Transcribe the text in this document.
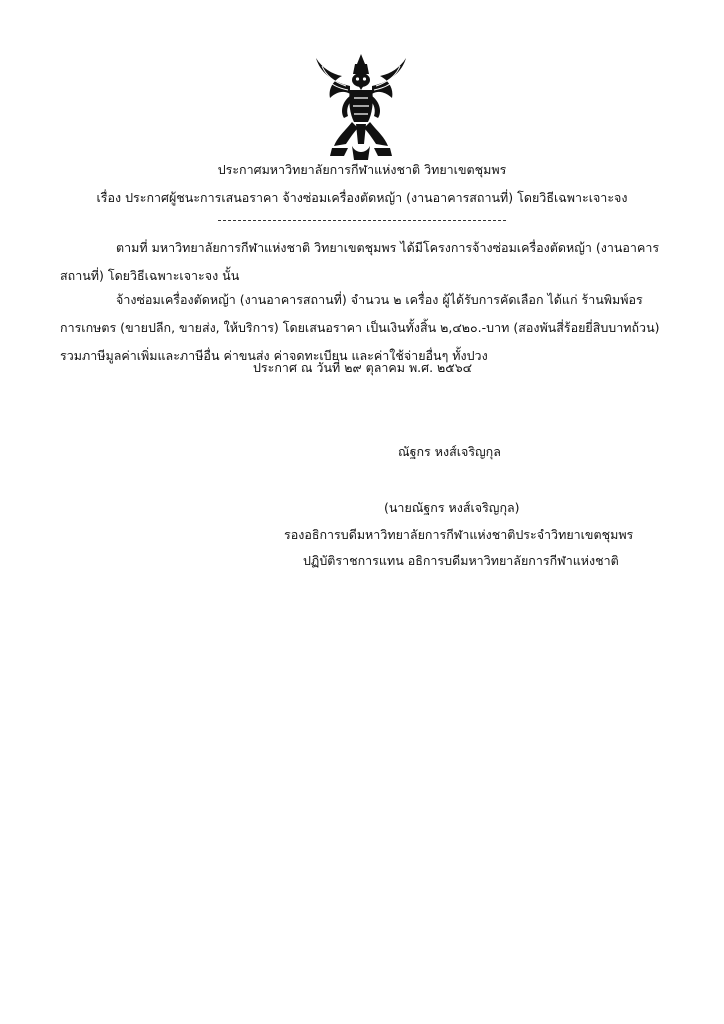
ประกาศมหาวิทยาลัยการกีฬาแห่งชาติ วิทยาเขตชุมพร
เรื่อง ประกาศผู้ชนะการเสนอราคา จ้างซ่อมเครื่องตัดหญ้า (งานอาคารสถานที่) โดยวิธีเฉพาะเจาะจง
ตามที่ มหาวิทยาลัยการกีฬาแห่งชาติ วิทยาเขตชุมพร ได้มีโครงการจ้างซ่อมเครื่องตัดหญ้า (งานอาคาร
สถานที่) โดยวิธีเฉพาะเจาะจง นั้น
จ้างซ่อมเครื่องตัดหญ้า (งานอาคารสถานที่) จำนวน ๒ เครื่อง ผู้ได้รับการคัดเลือก ได้แก่ ร้านพิมพ์อร
การเกษตร (ขายปลีก, ขายส่ง, ให้บริการ) โดยเสนอราคา เป็นเงินทั้งสิ้น ๒,๔๒๐.-บาท (สองพันสี่ร้อยยี่สิบบาทถ้วน)
รวมภาษีมูลค่าเพิ่มและภาษีอื่น ค่าขนส่ง ค่าจดทะเบียน และค่าใช้จ่ายอื่นๆ ทั้งปวง
ประกาศ ณ วันที่ ๒๙ ตุลาคม พ.ศ. ๒๕๖๔
ณัฐกร หงส์เจริญกุล
(นายณัฐกร หงส์เจริญกุล)
รองอธิการบดีมหาวิทยาลัยการกีฬาแห่งชาติประจำวิทยาเขตชุมพร
ปฏิบัติราชการแทน อธิการบดีมหาวิทยาลัยการกีฬาแห่งชาติ
